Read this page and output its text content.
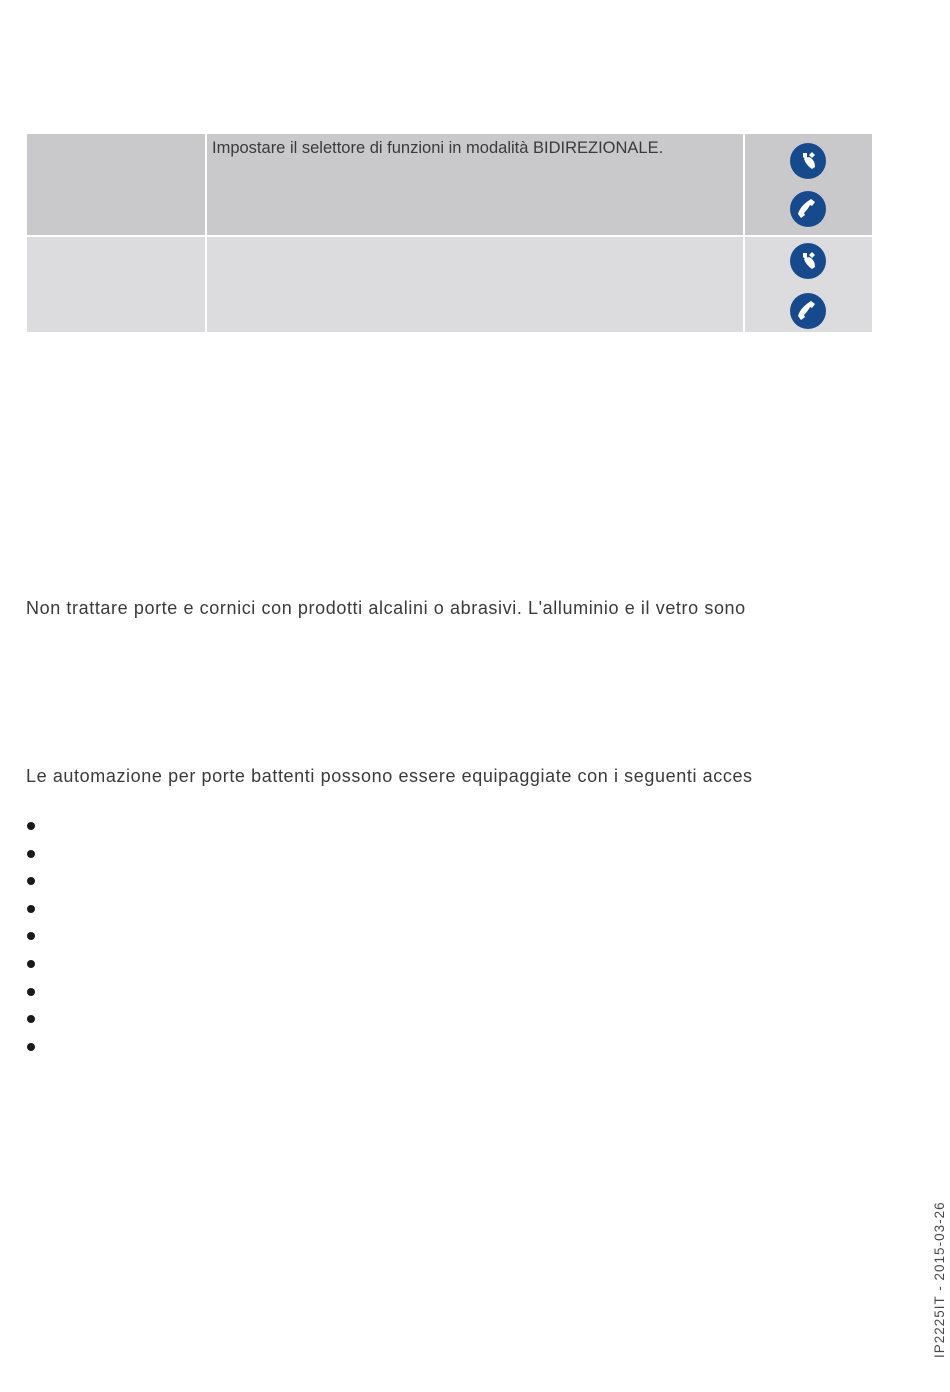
Impostare il selettore di funzioni in modalità BIDIREZIONALE.
Non trattare porte e cornici con prodotti alcalini o abrasivi. L'alluminio e il vetro sono
Le automazione per porte battenti possono essere equipaggiate con i seguenti acces
IP2225IT - 2015-03-26
